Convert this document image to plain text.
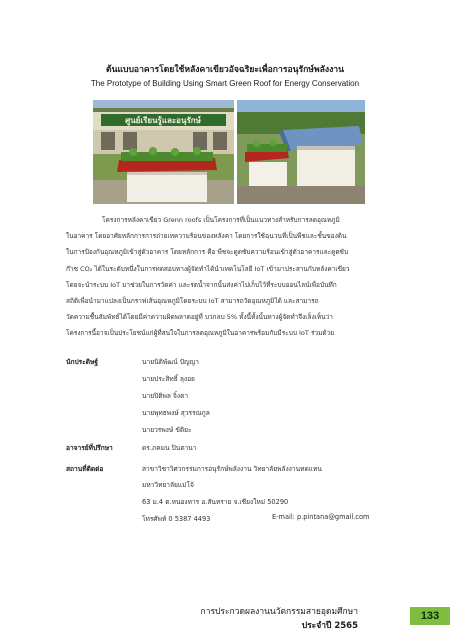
ต้นแบบอาคารโดยใช้หลังคาเขียวอัจฉริยะเพื่อการอนุรักษ์พลังงาน
The Prototype of Building Using Smart Green Roof for Energy Conservation
ศูนย์เรียนรู้และอนุรักษ์
โครงการหลังคาเขียว Grenn roofs เป็นโครงการที่เป็นแนวทางสำหรับการลดอุณหภูมิ
ในอาคาร โดยอาศัยหลักการการถ่ายเทความร้อนของหลังคา โดยการใช้ฉนวนที่เป็นพืชและชั้นของดิน
ในการป้องกันอุณหภูมิเข้าสู่ตัวอาคาร โดยหลักการ คือ พืชจะดูดซับความร้อนเข้าสู่ตัวอาคารและดูดซับ
ก๊าซ CO₂ ได้ในระดับหนึ่งในการทดสอบทางผู้จัดทำได้นำเทคโนโลยี IoT เข้ามาประสานกับหลังคาเขียว
โดยจะนำระบบ IoT มาช่วยในการวัดค่า และรดน้ำจากนั้นส่งค่าไปเก็บไว้ที่ระบบออนไลน์เพื่อบันทึก
สถิติเพื่อนำมาแปลงเป็นกราฟเส้นอุณหภูมิโดยระบบ IoT สามารถวัดอุณหภูมิได้ และสามารถ
วัดความชื้นสัมพัทธ์ได้โดยมีค่าความผิดพลาดอยู่ที่ บวกลบ 5% ทั้งนี้ทั้งนั้นทางผู้จัดทำจึงเล็งเห็นว่า
โครงการนี้อาจเป็นประโยชน์แก่ผู้ที่สนใจในการลดอุณหภูมิในอาคารพร้อมกับมีระบบ IoT ร่วมด้วย
นักประดิษฐ์	นายนิติพัฒน์ ปัญญา
นายประสิทธิ์ ลุงอย
นายปิติพล จิ๋งตา
นายพุทธพงษ์ สุวรรณกูล
นายวรพงษ์ ขัติยะ
อาจารย์ที่ปรึกษา	ดร.ภคมน ปินตานา
สถานที่ติดต่อ	สาขาวิชาวิศวกรรมการอนุรักษ์พลังงาน วิทยาลัยพลังงานทดแทน
มหาวิทยาลัยแม่โจ้
63 ม.4 ต.หนองหาร อ.สันทราย จ.เชียงใหม่ 50290
โทรศัพท์ 0 5387 4493	E-mail: p.pintana@gmail.com
การประกวดผลงานนวัตกรรมสายอุดมศึกษา
ประจำปี 2565
133
